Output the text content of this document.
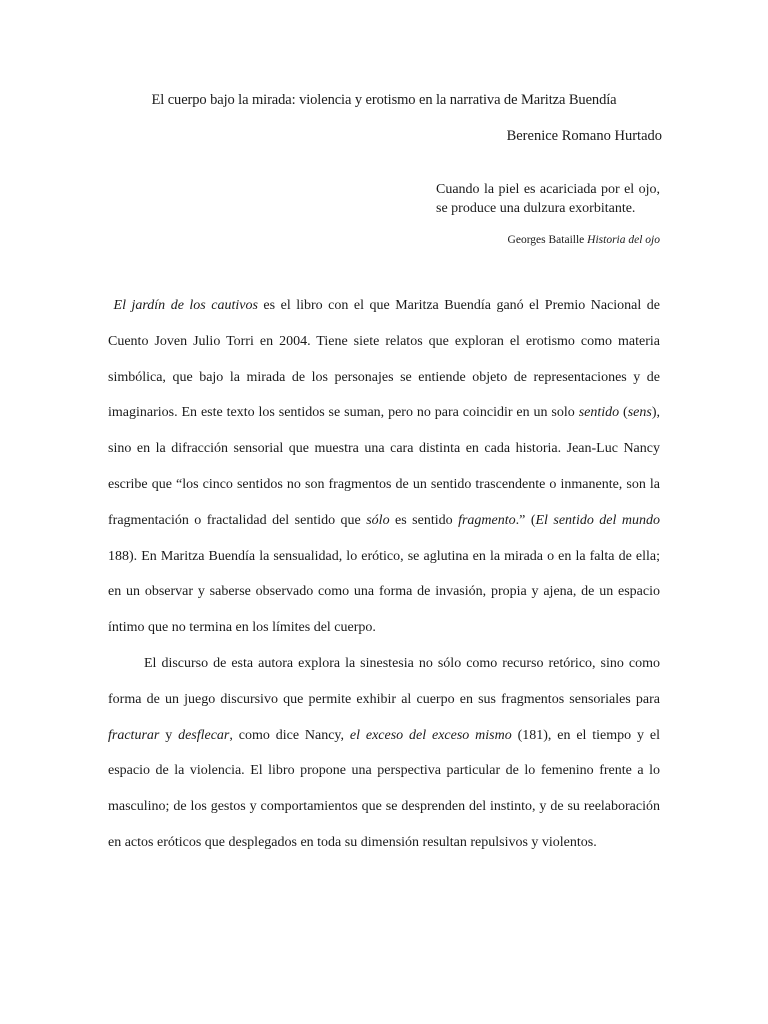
El cuerpo bajo la mirada: violencia y erotismo en la narrativa de Maritza Buendía
Berenice Romano Hurtado
Cuando la piel es acariciada por el ojo, se produce una dulzura exorbitante.
Georges Bataille Historia del ojo

El jardín de los cautivos es el libro con el que Maritza Buendía ganó el Premio Nacional de Cuento Joven Julio Torri en 2004. Tiene siete relatos que exploran el erotismo como materia simbólica, que bajo la mirada de los personajes se entiende objeto de representaciones y de imaginarios. En este texto los sentidos se suman, pero no para coincidir en un solo sentido (sens), sino en la difracción sensorial que muestra una cara distinta en cada historia. Jean-Luc Nancy escribe que “los cinco sentidos no son fragmentos de un sentido trascendente o inmanente, son la fragmentación o fractalidad del sentido que sólo es sentido fragmento.” (El sentido del mundo 188). En Maritza Buendía la sensualidad, lo erótico, se aglutina en la mirada o en la falta de ella; en un observar y saberse observado como una forma de invasión, propia y ajena, de un espacio íntimo que no termina en los límites del cuerpo.

El discurso de esta autora explora la sinestesia no sólo como recurso retórico, sino como forma de un juego discursivo que permite exhibir al cuerpo en sus fragmentos sensoriales para fracturar y desflecar, como dice Nancy, el exceso del exceso mismo (181), en el tiempo y el espacio de la violencia. El libro propone una perspectiva particular de lo femenino frente a lo masculino; de los gestos y comportamientos que se desprenden del instinto, y de su reelaboración en actos eróticos que desplegados en toda su dimensión resultan repulsivos y violentos.
